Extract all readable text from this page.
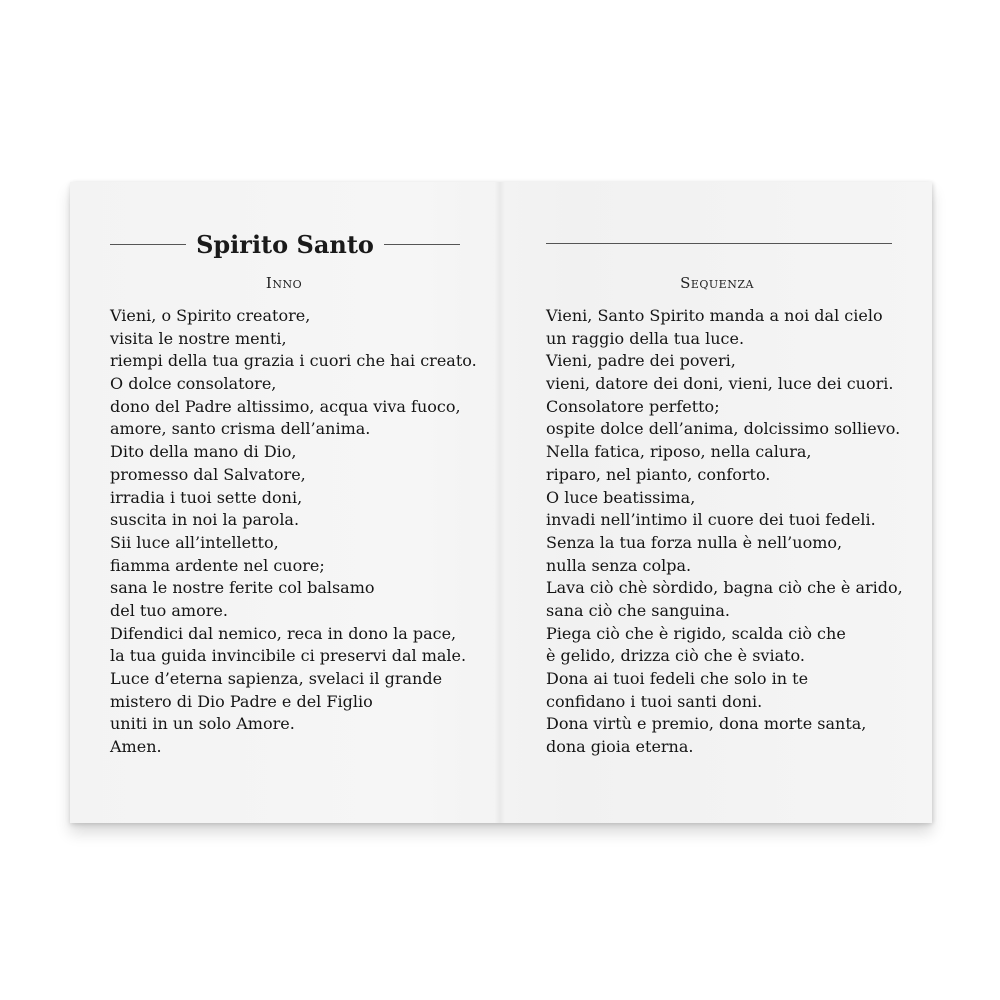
Spirito Santo
Inno
Vieni, o Spirito creatore,
visita le nostre menti,
riempi della tua grazia i cuori che hai creato.
O dolce consolatore,
dono del Padre altissimo, acqua viva fuoco,
amore, santo crisma dell’anima.
Dito della mano di Dio,
promesso dal Salvatore,
irradia i tuoi sette doni,
suscita in noi la parola.
Sii luce all’intelletto,
fiamma ardente nel cuore;
sana le nostre ferite col balsamo
del tuo amore.
Difendici dal nemico, reca in dono la pace,
la tua guida invincibile ci preservi dal male.
Luce d’eterna sapienza, svelaci il grande
mistero di Dio Padre e del Figlio
uniti in un solo Amore.
Amen.
Sequenza
Vieni, Santo Spirito manda a noi dal cielo
un raggio della tua luce.
Vieni, padre dei poveri,
vieni, datore dei doni, vieni, luce dei cuori.
Consolatore perfetto;
ospite dolce dell’anima, dolcissimo sollievo.
Nella fatica, riposo, nella calura,
riparo, nel pianto, conforto.
O luce beatissima,
invadi nell’intimo il cuore dei tuoi fedeli.
Senza la tua forza nulla è nell’uomo,
nulla senza colpa.
Lava ciò chè sòrdido, bagna ciò che è arido,
sana ciò che sanguina.
Piega ciò che è rigido, scalda ciò che
è gelido, drizza ciò che è sviato.
Dona ai tuoi fedeli che solo in te
confidano i tuoi santi doni.
Dona virtù e premio, dona morte santa,
dona gioia eterna.
